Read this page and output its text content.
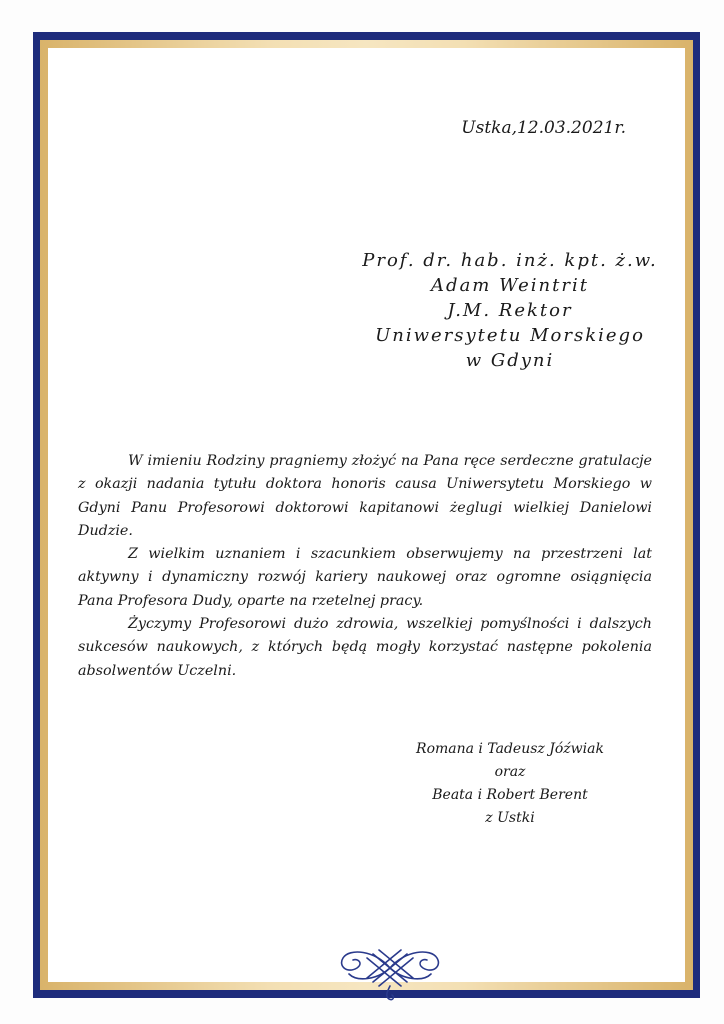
Ustka,12.03.2021r.
Prof. dr. hab. inż. kpt. ż.w.
Adam Weintrit
J.M. Rektor
Uniwersytetu Morskiego
w Gdyni

W imieniu Rodziny pragniemy złożyć na Pana ręce serdeczne gratulacje z okazji nadania tytułu doktora honoris causa Uniwersytetu Morskiego w Gdyni Panu Profesorowi doktorowi kapitanowi żeglugi wielkiej Danielowi Dudzie.

Z wielkim uznaniem i szacunkiem obserwujemy na przestrzeni lat aktywny i dynamiczny rozwój kariery naukowej oraz ogromne osiągnięcia Pana Profesora Dudy, oparte na rzetelnej pracy.

Życzymy Profesorowi dużo zdrowia, wszelkiej pomyślności i dalszych sukcesów naukowych, z których będą mogły korzystać następne pokolenia absolwentów Uczelni.

Romana i Tadeusz Jóźwiak
oraz
Beata i Robert Berent
z Ustki
